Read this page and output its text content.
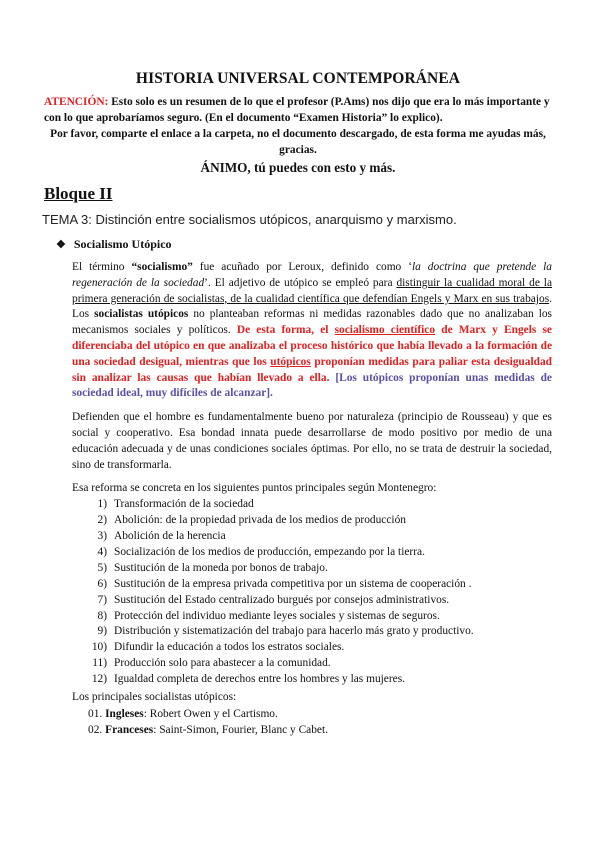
HISTORIA UNIVERSAL CONTEMPORÁNEA

ATENCIÓN: Esto solo es un resumen de lo que el profesor (P.Ams) nos dijo que era lo más importante y con lo que aprobaríamos seguro. (En el documento “Examen Historia” lo explico).

Por favor, comparte el enlace a la carpeta, no el documento descargado, de esta forma me ayudas más, gracias.

ÁNIMO, tú puedes con esto y más.

Bloque II

TEMA 3: Distinción entre socialismos utópicos, anarquismo y marxismo.

❖ Socialismo Utópico

El término “socialismo” fue acuñado por Leroux, definido como ‘la doctrina que pretende la regeneración de la sociedad’. El adjetivo de utópico se empleó para distinguir la cualidad moral de la primera generación de socialistas, de la cualidad científica que defendían Engels y Marx en sus trabajos. Los socialistas utópicos no planteaban reformas ni medidas razonables dado que no analizaban los mecanismos sociales y políticos. De esta forma, el socialismo científico de Marx y Engels se diferenciaba del utópico en que analizaba el proceso histórico que había llevado a la formación de una sociedad desigual, mientras que los utópicos proponían medidas para paliar esta desigualdad sin analizar las causas que habían llevado a ella. [Los utópicos proponían unas medidas de sociedad ideal, muy difíciles de alcanzar].

Defienden que el hombre es fundamentalmente bueno por naturaleza (principio de Rousseau) y que es social y cooperativo. Esa bondad innata puede desarrollarse de modo positivo por medio de una educación adecuada y de unas condiciones sociales óptimas. Por ello, no se trata de destruir la sociedad, sino de transformarla.

Esa reforma se concreta en los siguientes puntos principales según Montenegro:

1) Transformación de la sociedad
2) Abolición: de la propiedad privada de los medios de producción
3) Abolición de la herencia
4) Socialización de los medios de producción, empezando por la tierra.
5) Sustitución de la moneda por bonos de trabajo.
6) Sustitución de la empresa privada competitiva por un sistema de cooperación .
7) Sustitución del Estado centralizado burgués por consejos administrativos.
8) Protección del individuo mediante leyes sociales y sistemas de seguros.
9) Distribución y sistematización del trabajo para hacerlo más grato y productivo.
10) Difundir la educación a todos los estratos sociales.
11) Producción solo para abastecer a la comunidad.
12) Igualdad completa de derechos entre los hombres y las mujeres.

Los principales socialistas utópicos:

01. Ingleses: Robert Owen y el Cartismo.
02. Franceses: Saint-Simon, Fourier, Blanc y Cabet.
